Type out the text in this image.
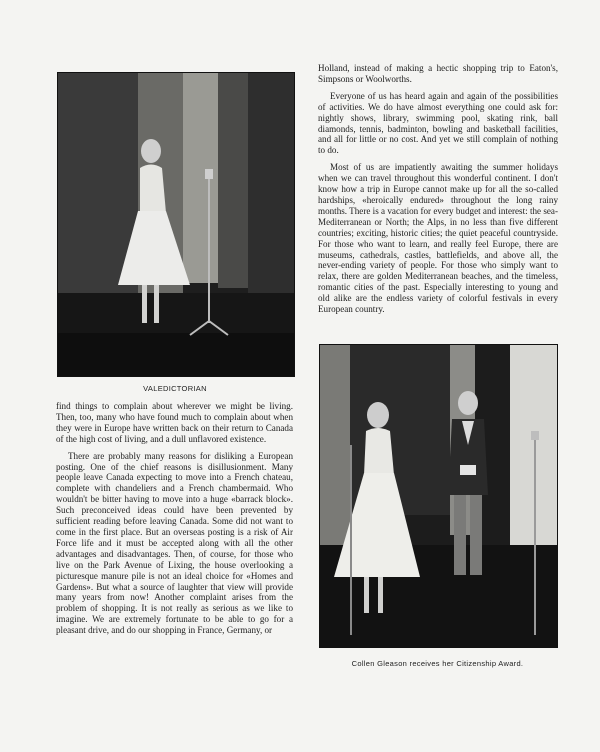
VALEDICTORIAN

find things to complain about wherever we might be living. Then, too, many who have found much to complain about when they were in Europe have written back on their return to Canada of the high cost of living, and a dull unflavored existence.

There are probably many reasons for disliking a European posting. One of the chief reasons is disillusionment. Many people leave Canada expecting to move into a French chateau, complete with chandeliers and a French chambermaid. Who wouldn't be bitter having to move into a huge «barrack block». Such preconceived ideas could have been prevented by sufficient reading before leaving Canada. Some did not want to come in the first place. But an overseas posting is a risk of Air Force life and it must be accepted along with all the other advantages and disadvantages. Then, of course, for those who live on the Park Avenue of Lixing, the house overlooking a picturesque manure pile is not an ideal choice for «Homes and Gardens». But what a source of laughter that view will provide many years from now! Another complaint arises from the problem of shopping. It is not really as serious as we like to imagine. We are extremely fortunate to be able to go for a pleasant drive, and do our shopping in France, Germany, or

Holland, instead of making a hectic shopping trip to Eaton's, Simpsons or Woolworths.

Everyone of us has heard again and again of the possibilities of activities. We do have almost everything one could ask for: nightly shows, library, swimming pool, skating rink, ball diamonds, tennis, badminton, bowling and basketball facilities, and all for little or no cost. And yet we still complain of nothing to do.

Most of us are impatiently awaiting the summer holidays when we can travel throughout this wonderful continent. I don't know how a trip in Europe cannot make up for all the so-called hardships, «heroically endured» throughout the long rainy months. There is a vacation for every budget and interest: the sea-Mediterranean or North; the Alps, in no less than five different countries; exciting, historic cities; the quiet peaceful countryside. For those who want to learn, and really feel Europe, there are museums, cathedrals, castles, battlefields, and above all, the never-ending variety of people. For those who simply want to relax, there are golden Mediterranean beaches, and the timeless, romantic cities of the past. Especially interesting to young and old alike are the endless variety of colorful festivals in every European country.

Collen Gleason receives her Citizenship Award.
